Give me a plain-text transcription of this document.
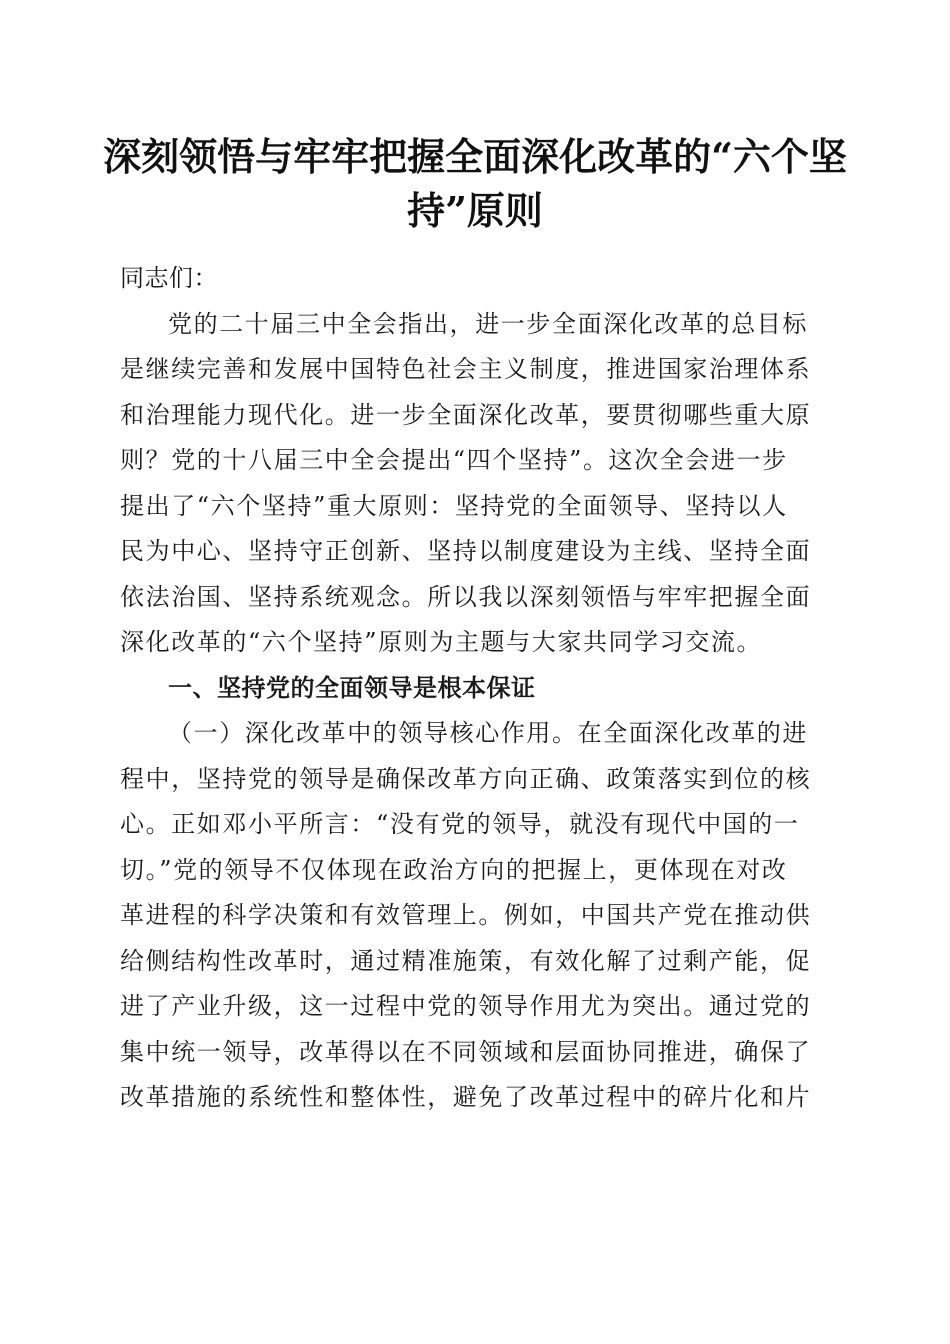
深刻领悟与牢牢把握全面深化改革的“六个坚
持”原则
同志们：
党的二十届三中全会指出，进一步全面深化改革的总目标
是继续完善和发展中国特色社会主义制度，推进国家治理体系
和治理能力现代化。进一步全面深化改革，要贯彻哪些重大原
则？党的十八届三中全会提出“四个坚持”。这次全会进一步
提出了“六个坚持”重大原则：坚持党的全面领导、坚持以人
民为中心、坚持守正创新、坚持以制度建设为主线、坚持全面
依法治国、坚持系统观念。所以我以深刻领悟与牢牢把握全面
深化改革的“六个坚持”原则为主题与大家共同学习交流。
一、坚持党的全面领导是根本保证
（一）深化改革中的领导核心作用。在全面深化改革的进
程中，坚持党的领导是确保改革方向正确、政策落实到位的核
心。正如邓小平所言：“没有党的领导，就没有现代中国的一
切。”党的领导不仅体现在政治方向的把握上，更体现在对改
革进程的科学决策和有效管理上。例如，中国共产党在推动供
给侧结构性改革时，通过精准施策，有效化解了过剩产能，促
进了产业升级，这一过程中党的领导作用尤为突出。通过党的
集中统一领导，改革得以在不同领域和层面协同推进，确保了
改革措施的系统性和整体性，避免了改革过程中的碎片化和片
